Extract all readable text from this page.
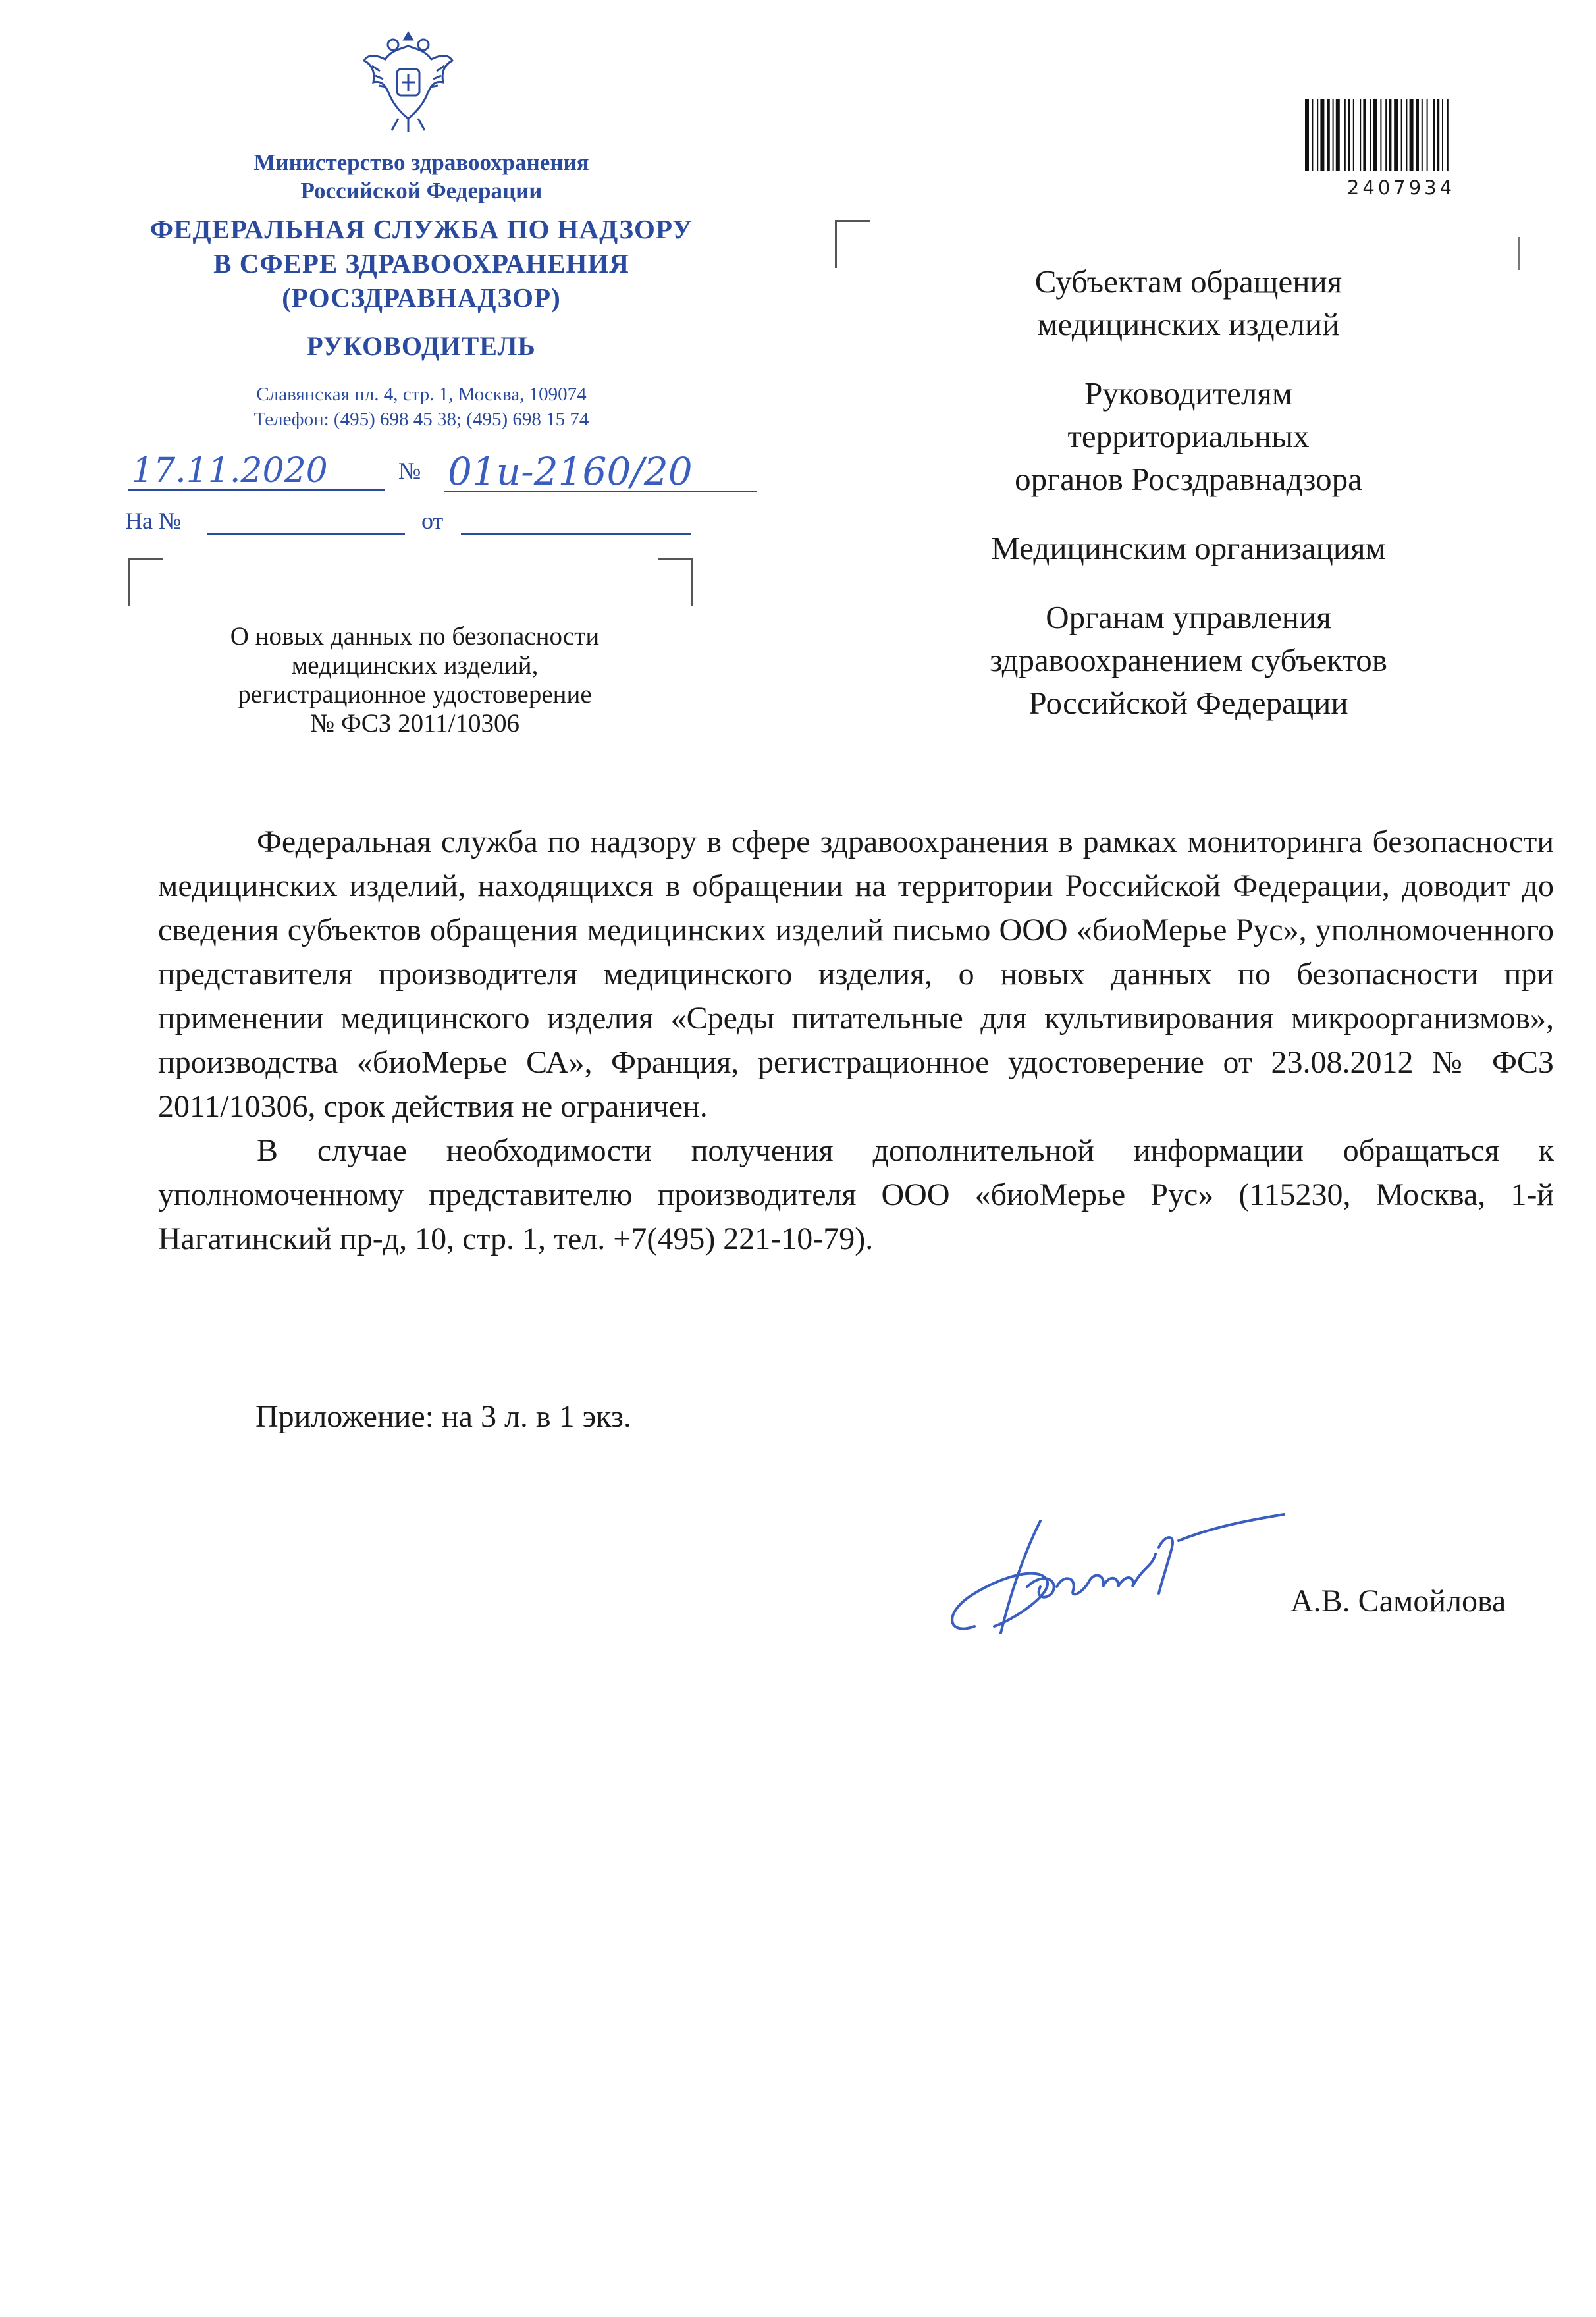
Министерство здравоохранения
Российской Федерации
ФЕДЕРАЛЬНАЯ СЛУЖБА ПО НАДЗОРУ
В СФЕРЕ ЗДРАВООХРАНЕНИЯ
(РОСЗДРАВНАДЗОР)
РУКОВОДИТЕЛЬ
Славянская пл. 4, стр. 1, Москва, 109074
Телефон: (495) 698 45 38; (495) 698 15 74
17.11.2020	№ 01и-2160/20
На №	от
О новых данных по безопасности
медицинских изделий,
регистрационное удостоверение
№ ФСЗ 2011/10306
2407934
Субъектам обращения
медицинских изделий
Руководителям
территориальных
органов Росздравнадзора
Медицинским организациям
Органам управления
здравоохранением субъектов
Российской Федерации

Федеральная служба по надзору в сфере здравоохранения в рамках мониторинга безопасности медицинских изделий, находящихся в обращении на территории Российской Федерации, доводит до сведения субъектов обращения медицинских изделий письмо ООО «биоМерье Рус», уполномоченного представителя производителя медицинского изделия, о новых данных по безопасности при применении медицинского изделия «Среды питательные для культивирования микроорганизмов», производства «биоМерье СА», Франция, регистрационное удостоверение от 23.08.2012 № ФСЗ 2011/10306, срок действия не ограничен.

В случае необходимости получения дополнительной информации обращаться к уполномоченному представителю производителя ООО «биоМерье Рус» (115230, Москва, 1-й Нагатинский пр-д, 10, стр. 1, тел. +7(495) 221-10-79).

Приложение: на 3 л. в 1 экз.
А.В. Самойлова
